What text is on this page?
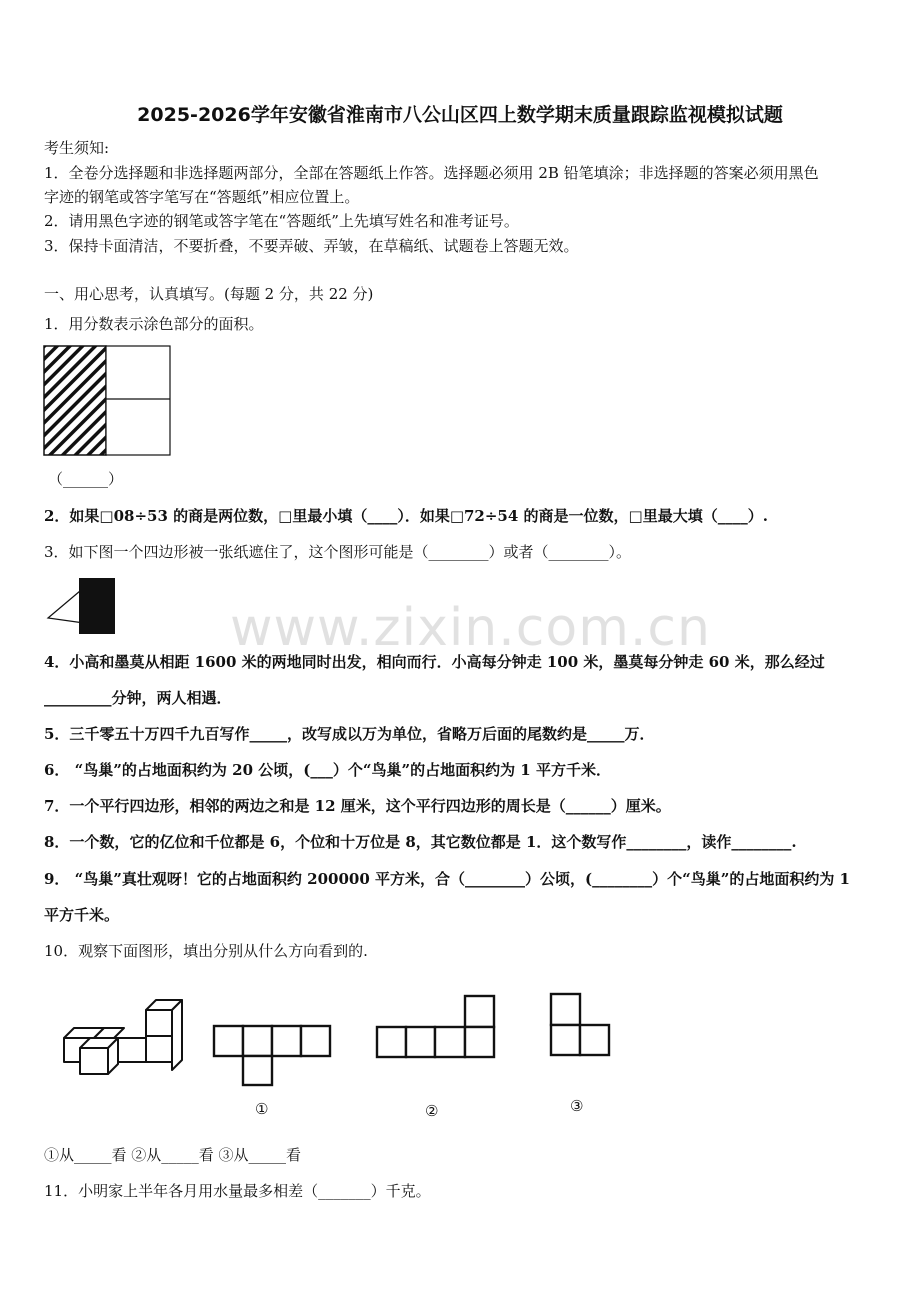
2025-2026学年安徽省淮南市八公山区四上数学期末质量跟踪监视模拟试题
考生须知:
1．全卷分选择题和非选择题两部分，全部在答题纸上作答。选择题必须用 2B 铅笔填涂；非选择题的答案必须用黑色
字迹的钢笔或答字笔写在“答题纸”相应位置上。
2．请用黑色字迹的钢笔或答字笔在“答题纸”上先填写姓名和准考证号。
3．保持卡面清洁，不要折叠，不要弄破、弄皱，在草稿纸、试题卷上答题无效。
一、用心思考，认真填写。(每题 2 分，共 22 分)
1．用分数表示涂色部分的面积。
（______）
2．如果□08÷53 的商是两位数，□里最小填（____）．如果□72÷54 的商是一位数，□里最大填（____）.
3．如下图一个四边形被一张纸遮住了，这个图形可能是（________）或者（________）。
www.zixin.com.cn
4．小高和墨莫从相距 1600 米的两地同时出发，相向而行．小高每分钟走 100 米，墨莫每分钟走 60 米，那么经过
_________分钟，两人相遇．
5．三千零五十万四千九百写作_____，改写成以万为单位，省略万后面的尾数约是_____万．
6． “鸟巢”的占地面积约为 20 公顷，(___）个“鸟巢”的占地面积约为 1 平方千米．
7．一个平行四边形，相邻的两边之和是 12 厘米，这个平行四边形的周长是（______）厘米。
8．一个数，它的亿位和千位都是 6，个位和十万位是 8，其它数位都是 1．这个数写作________，读作________.
9． “鸟巢”真壮观呀！它的占地面积约 200000 平方米，合（________）公顷，(________）个“鸟巢”的占地面积约为 1
平方千米。
10．观察下面图形，填出分别从什么方向看到的.
①	②	③
①从_____看 ②从_____看 ③从_____看
11．小明家上半年各月用水量最多相差（_______）千克。
